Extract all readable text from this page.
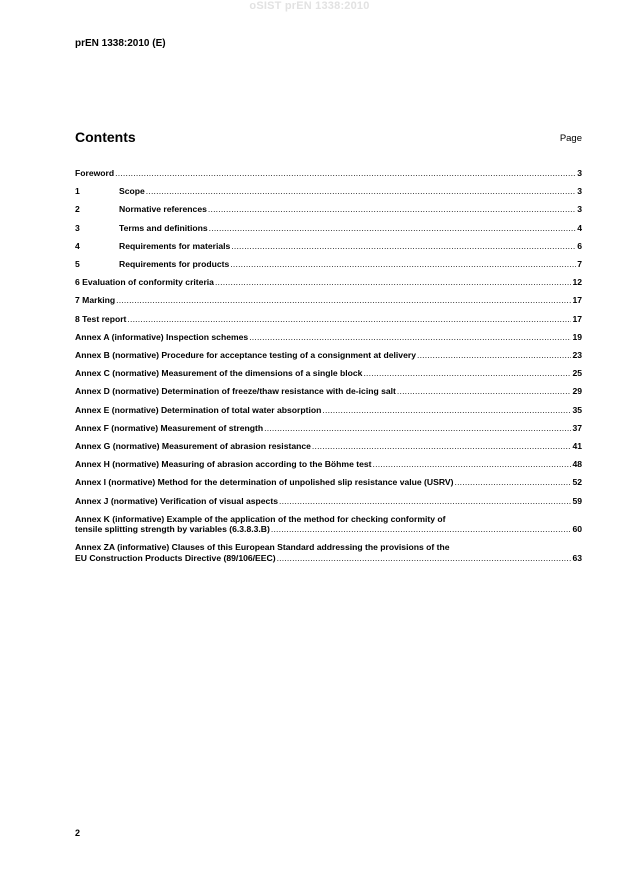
oSIST prEN 1338:2010
prEN 1338:2010 (E)
Contents	Page
Foreword .....	3
1	Scope .....	3
2	Normative references .....	3
3	Terms and definitions .....	4
4	Requirements for materials .....	6
5	Requirements for products .....	7
6 Evaluation of conformity criteria .....	12
7 Marking .....	17
8 Test report .....	17
Annex A (informative) Inspection schemes .....	19
Annex B (normative) Procedure for acceptance testing of a consignment at delivery .....	23
Annex C (normative) Measurement of the dimensions of a single block .....	25
Annex D (normative) Determination of freeze/thaw resistance with de-icing salt .....	29
Annex E (normative) Determination of total water absorption .....	35
Annex F (normative) Measurement of strength .....	37
Annex G (normative) Measurement of abrasion resistance .....	41
Annex H (normative) Measuring of abrasion according to the Böhme test .....	48
Annex I (normative) Method for the determination of unpolished slip resistance value (USRV) .....	52
Annex J (normative) Verification of visual aspects .....	59
Annex K (informative) Example of the application of the method for checking conformity of
tensile splitting strength by variables (6.3.8.3.B) .....	60
Annex ZA (informative) Clauses of this European Standard addressing the provisions of the
EU Construction Products Directive (89/106/EEC) .....	63
2
